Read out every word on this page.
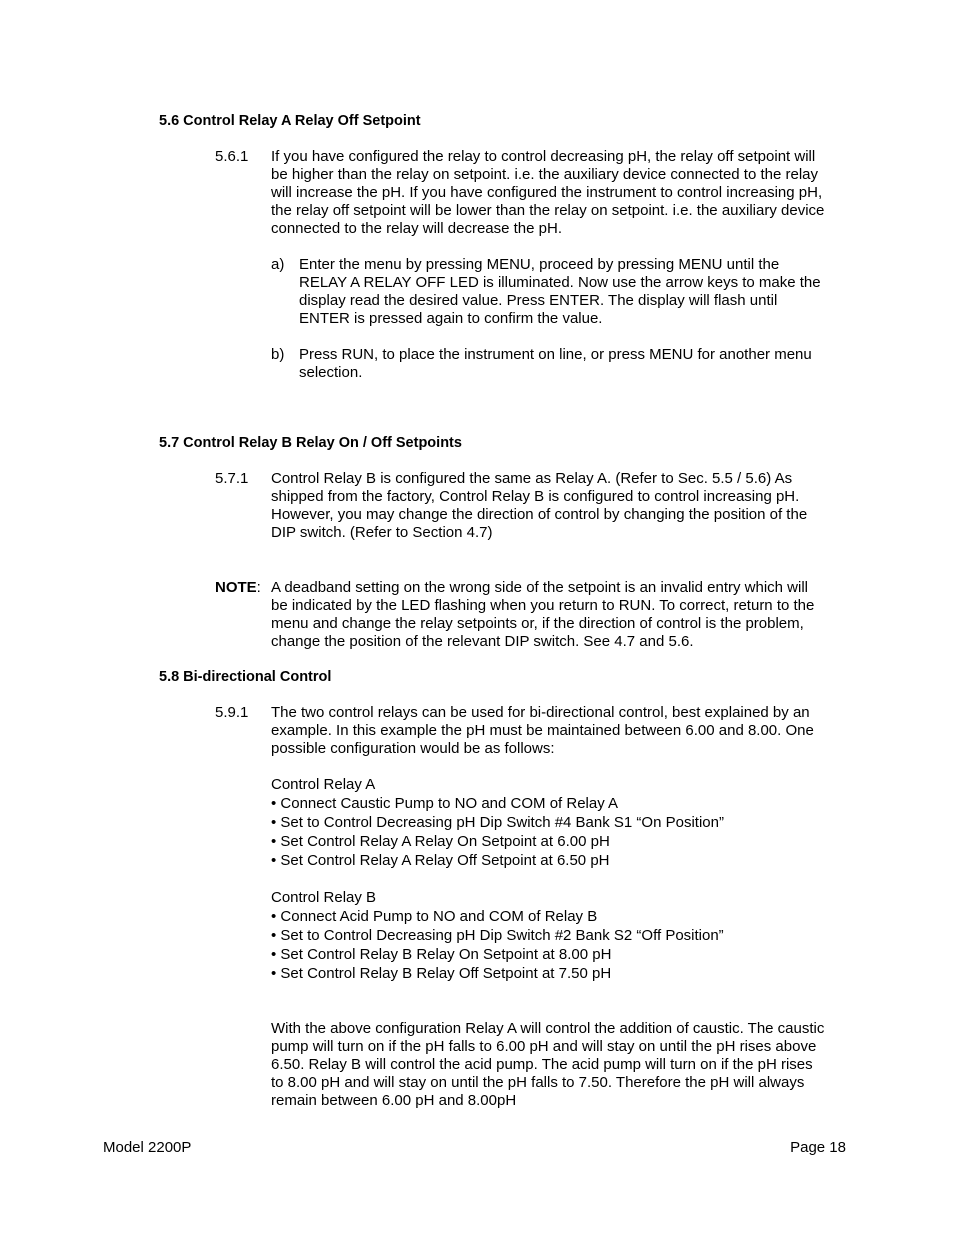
5.6 Control Relay A Relay Off Setpoint
5.6.1 If you have configured the relay to control decreasing pH, the relay off setpoint will
be higher than the relay on setpoint. i.e. the auxiliary device connected to the relay
will increase the pH. If you have configured the instrument to control increasing pH,
the relay off setpoint will be lower than the relay on setpoint. i.e. the auxiliary device
connected to the relay will decrease the pH.
a) Enter the menu by pressing MENU, proceed by pressing MENU until the
RELAY A RELAY OFF LED is illuminated. Now use the arrow keys to make the
display read the desired value. Press ENTER. The display will flash until
ENTER is pressed again to confirm the value.
b) Press RUN, to place the instrument on line, or press MENU for another menu
selection.
5.7 Control Relay B Relay On / Off Setpoints
5.7.1 Control Relay B is configured the same as Relay A. (Refer to Sec. 5.5 / 5.6) As
shipped from the factory, Control Relay B is configured to control increasing pH.
However, you may change the direction of control by changing the position of the
DIP switch. (Refer to Section 4.7)
NOTE: A deadband setting on the wrong side of the setpoint is an invalid entry which will
be indicated by the LED flashing when you return to RUN. To correct, return to the
menu and change the relay setpoints or, if the direction of control is the problem,
change the position of the relevant DIP switch. See 4.7 and 5.6.
5.8 Bi-directional Control
5.9.1 The two control relays can be used for bi-directional control, best explained by an
example. In this example the pH must be maintained between 6.00 and 8.00. One
possible configuration would be as follows:
Control Relay A
• Connect Caustic Pump to NO and COM of Relay A
• Set to Control Decreasing pH Dip Switch #4 Bank S1 “On Position”
• Set Control Relay A Relay On Setpoint at 6.00 pH
• Set Control Relay A Relay Off Setpoint at 6.50 pH
Control Relay B
• Connect Acid Pump to NO and COM of Relay B
• Set to Control Decreasing pH Dip Switch #2 Bank S2 “Off Position”
• Set Control Relay B Relay On Setpoint at 8.00 pH
• Set Control Relay B Relay Off Setpoint at 7.50 pH
With the above configuration Relay A will control the addition of caustic. The caustic
pump will turn on if the pH falls to 6.00 pH and will stay on until the pH rises above
6.50. Relay B will control the acid pump. The acid pump will turn on if the pH rises
to 8.00 pH and will stay on until the pH falls to 7.50. Therefore the pH will always
remain between 6.00 pH and 8.00pH
Model 2200P	Page 18
